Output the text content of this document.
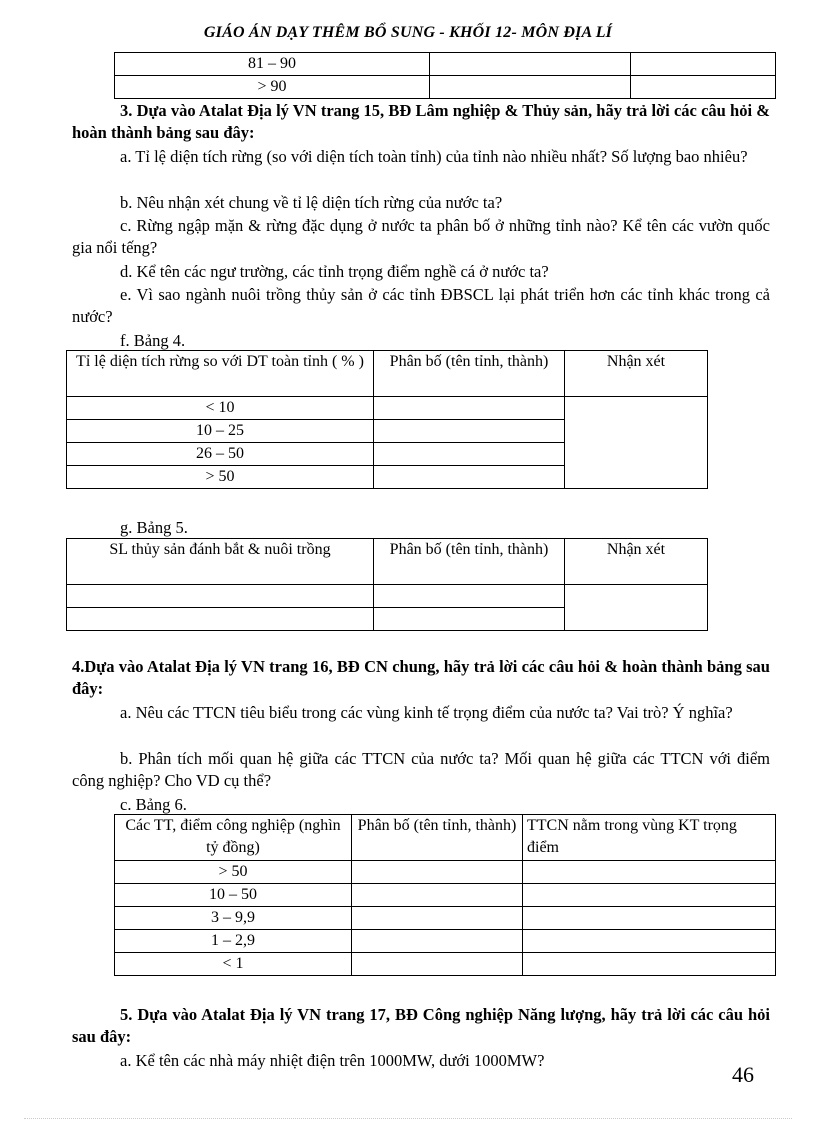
GIÁO ÁN DẠY THÊM BỔ SUNG - KHỐI 12- MÔN ĐỊA LÍ
81 – 90		
> 90		
3. Dựa vào Atalat Địa lý VN trang 15, BĐ Lâm nghiệp & Thủy sản, hãy trả lời các câu hỏi & hoàn thành bảng sau đây:
a. Tỉ lệ diện tích rừng (so với diện tích toàn tỉnh) của tỉnh nào nhiều nhất? Số lượng bao nhiêu?
b. Nêu nhận xét chung về tỉ lệ diện tích rừng của nước ta?
c. Rừng ngập mặn & rừng đặc dụng ở nước ta phân bố ở những tỉnh nào? Kể tên các vườn quốc gia nổi tếng?
d. Kể tên các ngư trường, các tỉnh trọng điểm nghề cá ở nước ta?
e. Vì sao ngành nuôi trồng thủy sản ở các tỉnh ĐBSCL lại phát triển hơn các tỉnh khác trong cả nước?
f. Bảng 4.
Tỉ lệ diện tích rừng so với DT toàn tỉnh ( % )	Phân bố (tên tỉnh, thành)	Nhận xét
< 10		
10 – 25		
26 – 50		
> 50		
g. Bảng 5.
SL thủy sản đánh bắt & nuôi trồng	Phân bố (tên tỉnh, thành)	Nhận xét

4.Dựa vào Atalat Địa lý VN trang 16, BĐ CN chung, hãy trả lời các câu hỏi & hoàn thành bảng sau đây:
a. Nêu các TTCN tiêu biểu trong các vùng kinh tế trọng điểm của nước ta? Vai trò? Ý nghĩa?
b. Phân tích mối quan hệ giữa các TTCN của nước ta? Mối quan hệ giữa các TTCN với điểm công nghiệp? Cho VD cụ thể?
c. Bảng 6.
Các TT, điểm công nghiệp (nghìn tỷ đồng)	Phân bố (tên tỉnh, thành)	TTCN nằm trong vùng KT trọng điểm
> 50		
10 – 50		
3 – 9,9		
1 – 2,9		
< 1		
5. Dựa vào Atalat Địa lý VN trang 17, BĐ Công nghiệp Năng lượng, hãy trả lời các câu hỏi sau đây:
a. Kể tên các nhà máy nhiệt điện trên 1000MW, dưới 1000MW?
46
